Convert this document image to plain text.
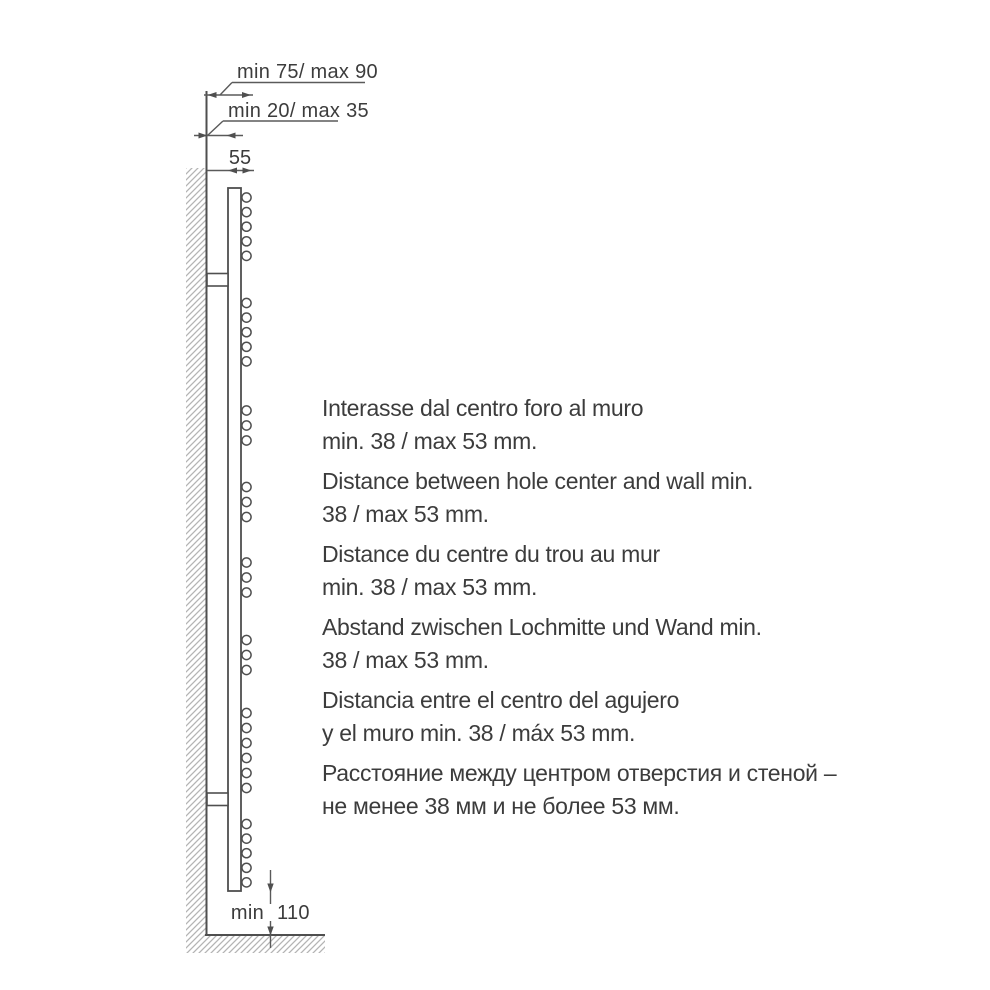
min 75/ max 90
min 20/ max 35
55
min 110

Interasse dal centro foro al muro
min. 38 / max 53 mm.

Distance between hole center and wall min.
38 / max 53 mm.

Distance du centre du trou au mur
min. 38 / max 53 mm.

Abstand zwischen Lochmitte und Wand min.
38 / max 53 mm.

Distancia entre el centro del agujero
y el muro min. 38 / máx 53 mm.

Расстояние между центром отверстия и стеной –
не менее 38 мм и не более 53 мм.
